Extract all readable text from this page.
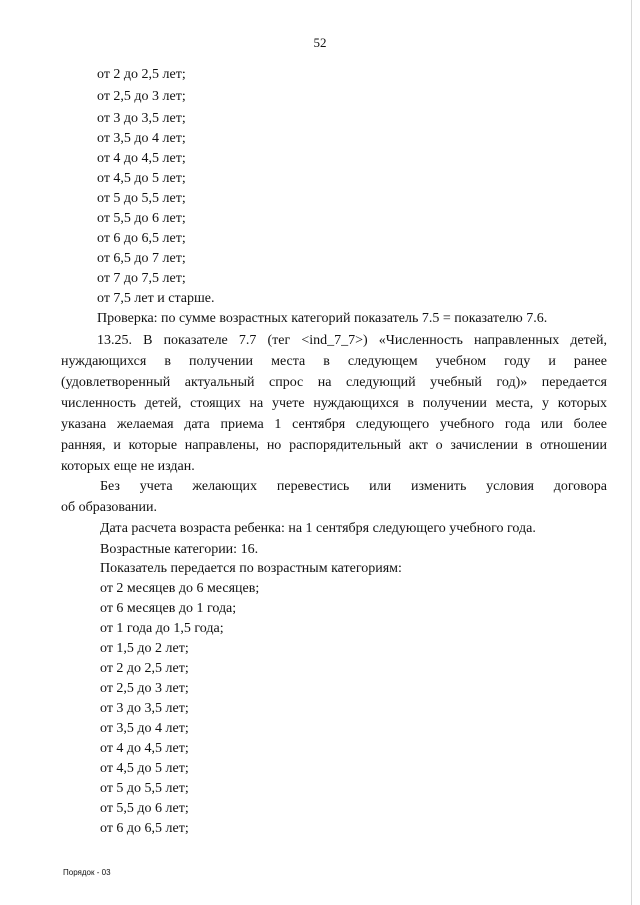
52
от 2 до 2,5 лет;
от 2,5 до 3 лет;
от 3 до 3,5 лет;
от 3,5 до 4 лет;
от 4 до 4,5 лет;
от 4,5 до 5 лет;
от 5 до 5,5 лет;
от 5,5 до 6 лет;
от 6 до 6,5 лет;
от 6,5 до 7 лет;
от 7 до 7,5 лет;
от 7,5 лет и старше.
Проверка: по сумме возрастных категорий показатель 7.5 = показателю 7.6.
13.25. В показателе 7.7 (тег <ind_7_7>) «Численность направленных детей,
нуждающихся в получении места в следующем учебном году и ранее
(удовлетворенный актуальный спрос на следующий учебный год)» передается
численность детей, стоящих на учете нуждающихся в получении места, у которых
указана желаемая дата приема 1 сентября следующего учебного года или более
ранняя, и которые направлены, но распорядительный акт о зачислении в отношении
которых еще не издан.
Без учета желающих перевестись или изменить условия договора
об образовании.
Дата расчета возраста ребенка: на 1 сентября следующего учебного года.
Возрастные категории: 16.
Показатель передается по возрастным категориям:
от 2 месяцев до 6 месяцев;
от 6 месяцев до 1 года;
от 1 года до 1,5 года;
от 1,5 до 2 лет;
от 2 до 2,5 лет;
от 2,5 до 3 лет;
от 3 до 3,5 лет;
от 3,5 до 4 лет;
от 4 до 4,5 лет;
от 4,5 до 5 лет;
от 5 до 5,5 лет;
от 5,5 до 6 лет;
от 6 до 6,5 лет;
Порядок - 03
